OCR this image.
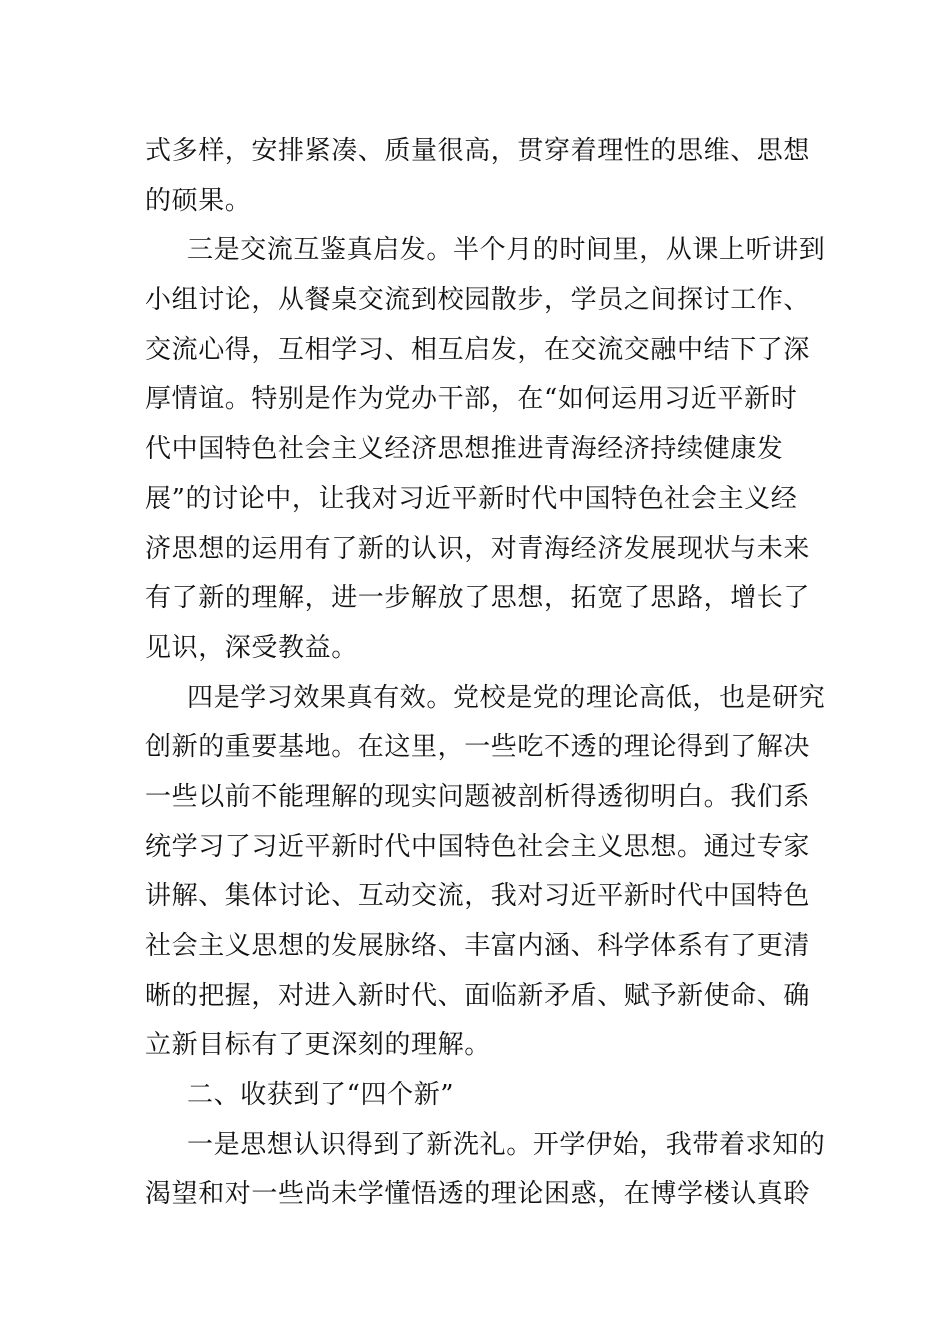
式多样，安排紧凑、质量很高，贯穿着理性的思维、思想
的硕果。
三是交流互鉴真启发。半个月的时间里，从课上听讲到
小组讨论，从餐桌交流到校园散步，学员之间探讨工作、
交流心得，互相学习、相互启发，在交流交融中结下了深
厚情谊。特别是作为党办干部，在“如何运用习近平新时
代中国特色社会主义经济思想推进青海经济持续健康发
展”的讨论中，让我对习近平新时代中国特色社会主义经
济思想的运用有了新的认识，对青海经济发展现状与未来
有了新的理解，进一步解放了思想，拓宽了思路，增长了
见识，深受教益。
四是学习效果真有效。党校是党的理论高低，也是研究
创新的重要基地。在这里，一些吃不透的理论得到了解决
一些以前不能理解的现实问题被剖析得透彻明白。我们系
统学习了习近平新时代中国特色社会主义思想。通过专家
讲解、集体讨论、互动交流，我对习近平新时代中国特色
社会主义思想的发展脉络、丰富内涵、科学体系有了更清
晰的把握，对进入新时代、面临新矛盾、赋予新使命、确
立新目标有了更深刻的理解。
二、收获到了“四个新”
一是思想认识得到了新洗礼。开学伊始，我带着求知的
渴望和对一些尚未学懂悟透的理论困惑，在博学楼认真聆
